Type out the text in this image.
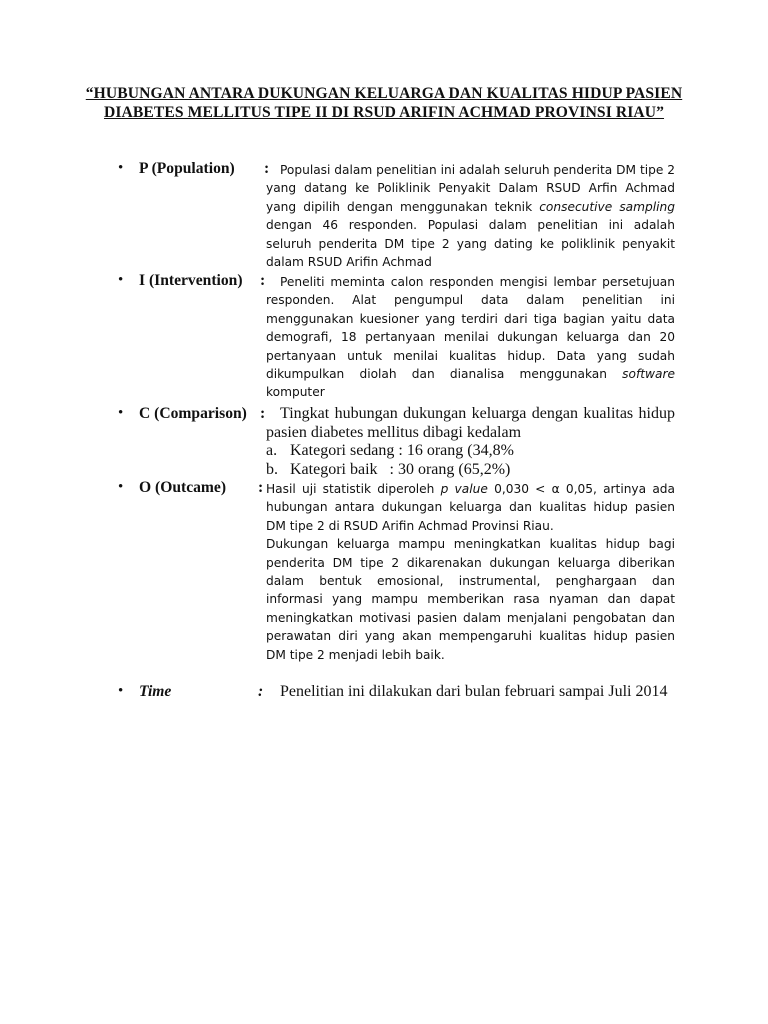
“HUBUNGAN ANTARA DUKUNGAN KELUARGA DAN KUALITAS HIDUP PASIEN DIABETES MELLITUS TIPE II DI RSUD ARIFIN ACHMAD PROVINSI RIAU”
• P (Population) : Populasi dalam penelitian ini adalah seluruh penderita DM tipe 2 yang datang ke Poliklinik Penyakit Dalam RSUD Arfin Achmad yang dipilih dengan menggunakan teknik consecutive sampling dengan 46 responden. Populasi dalam penelitian ini adalah seluruh penderita DM tipe 2 yang dating ke poliklinik penyakit dalam RSUD Arifin Achmad

• I (Intervention) :	Peneliti meminta calon responden mengisi lembar persetujuan responden. Alat pengumpul data dalam penelitian ini menggunakan kuesioner yang terdiri dari tiga bagian yaitu data demografi, 18 pertanyaan menilai dukungan keluarga dan 20 pertanyaan untuk menilai kualitas hidup. Data yang sudah dikumpulkan diolah dan dianalisa menggunakan software komputer

• C (Comparison) : Tingkat hubungan dukungan keluarga dengan kualitas hidup pasien diabetes mellitus dibagi kedalam

a. Kategori sedang : 16 orang (34,8%
b. Kategori baik   : 30 orang (65,2%)
• O (Outcame) : Hasil uji statistik diperoleh p value 0,030 < α 0,05, artinya ada hubungan antara dukungan keluarga dan kualitas hidup pasien DM tipe 2 di RSUD Arifin Achmad Provinsi Riau.

Dukungan keluarga mampu meningkatkan kualitas hidup bagi penderita DM tipe 2 dikarenakan dukungan keluarga diberikan dalam bentuk emosional, instrumental, penghargaan dan informasi yang mampu memberikan rasa nyaman dan dapat meningkatkan motivasi pasien dalam menjalani pengobatan dan perawatan diri yang akan mempengaruhi kualitas hidup pasien DM tipe 2 menjadi lebih baik.

• Time	:	Penelitian ini dilakukan dari bulan februari sampai Juli 2014
